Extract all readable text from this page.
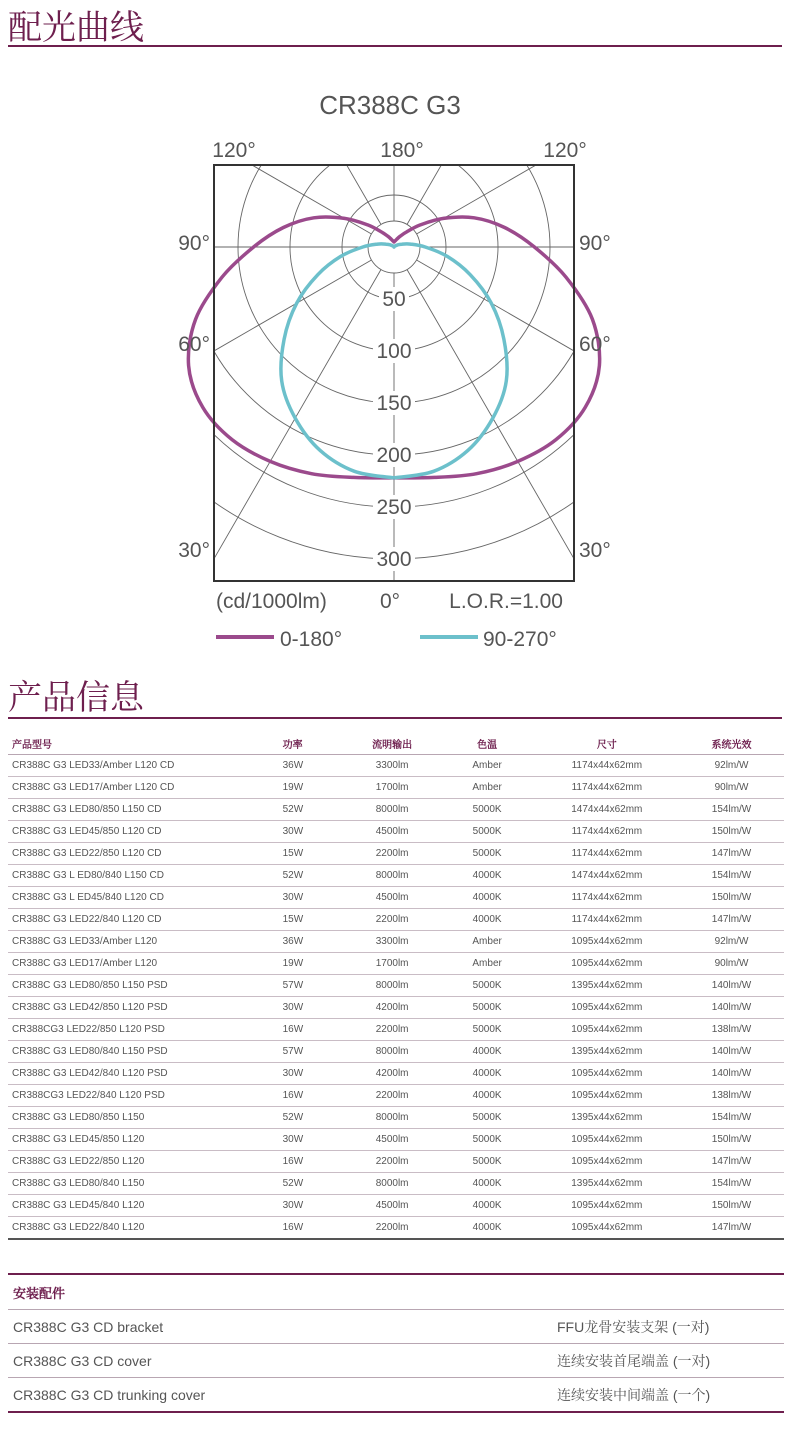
配光曲线
50
100
150
200
250
300
CR388C G3
120°	180°	120°
90°	90°
60°	60°
30°	30°
(cd/1000lm)	0° L.O.R.=1.00
0-180°	90-270°
产品信息
产品型号	功率	流明输出	色温	尺寸	系统光效
CR388C G3 LED33/Amber L120 CD	36W	3300lm	Amber	1174x44x62mm	92lm/W
CR388C G3 LED17/Amber L120 CD	19W	1700lm	Amber	1174x44x62mm	90lm/W
CR388C G3 LED80/850 L150 CD	52W	8000lm	5000K	1474x44x62mm	154lm/W
CR388C G3 LED45/850 L120 CD	30W	4500lm	5000K	1174x44x62mm	150lm/W
CR388C G3 LED22/850 L120 CD	15W	2200lm	5000K	1174x44x62mm	147lm/W
CR388C G3 L ED80/840 L150 CD	52W	8000lm	4000K	1474x44x62mm	154lm/W
CR388C G3 L ED45/840 L120 CD	30W	4500lm	4000K	1174x44x62mm	150lm/W
CR388C G3 LED22/840 L120 CD	15W	2200lm	4000K	1174x44x62mm	147lm/W
CR388C G3 LED33/Amber L120	36W	3300lm	Amber	1095x44x62mm	92lm/W
CR388C G3 LED17/Amber L120	19W	1700lm	Amber	1095x44x62mm	90lm/W
CR388C G3 LED80/850 L150 PSD	57W	8000lm	5000K	1395x44x62mm	140lm/W
CR388C G3 LED42/850 L120 PSD	30W	4200lm	5000K	1095x44x62mm	140lm/W
CR388CG3 LED22/850 L120 PSD	16W	2200lm	5000K	1095x44x62mm	138lm/W
CR388C G3 LED80/840 L150 PSD	57W	8000lm	4000K	1395x44x62mm	140lm/W
CR388C G3 LED42/840 L120 PSD	30W	4200lm	4000K	1095x44x62mm	140lm/W
CR388CG3 LED22/840 L120 PSD	16W	2200lm	4000K	1095x44x62mm	138lm/W
CR388C G3 LED80/850 L150	52W	8000lm	5000K	1395x44x62mm	154lm/W
CR388C G3 LED45/850 L120	30W	4500lm	5000K	1095x44x62mm	150lm/W
CR388C G3 LED22/850 L120	16W	2200lm	5000K	1095x44x62mm	147lm/W
CR388C G3 LED80/840 L150	52W	8000lm	4000K	1395x44x62mm	154lm/W
CR388C G3 LED45/840 L120	30W	4500lm	4000K	1095x44x62mm	150lm/W
CR388C G3 LED22/840 L120	16W	2200lm	4000K	1095x44x62mm	147lm/W
安装配件
CR388C G3 CD bracket	FFU龙骨安装支架 (一对)
CR388C G3 CD cover	连续安装首尾端盖 (一对)
CR388C G3 CD trunking cover	连续安装中间端盖 (一个)
